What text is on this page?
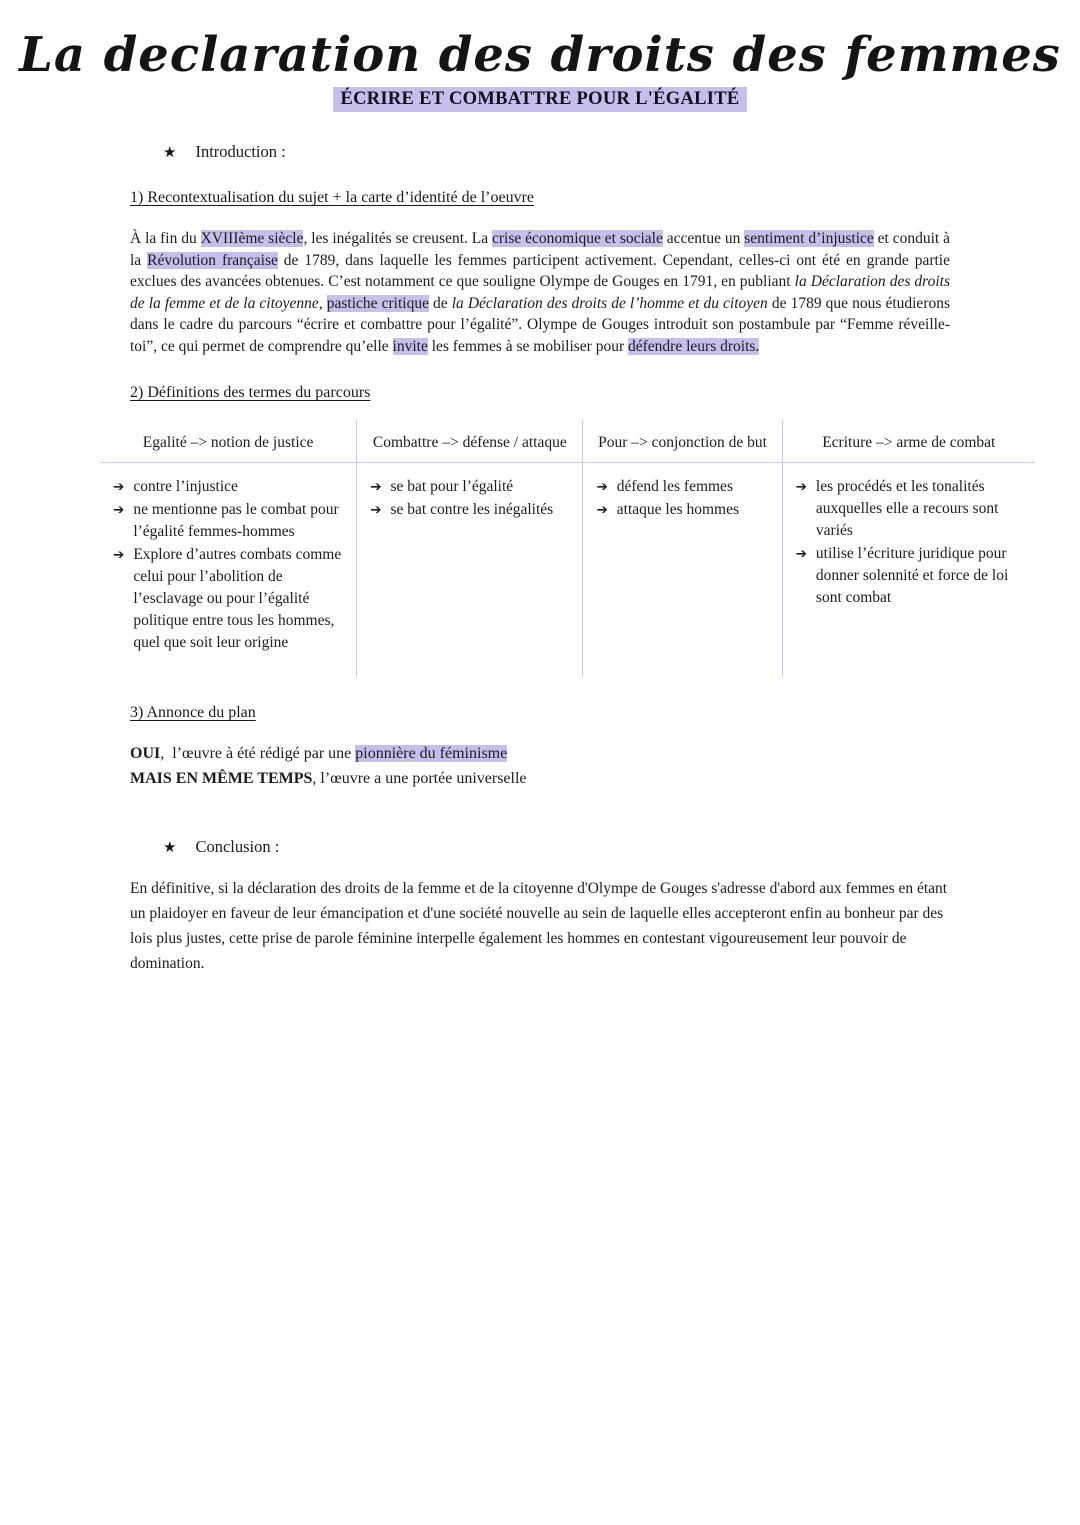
La declaration des droits des femmes
ÉCRIRE ET COMBATTRE POUR L'ÉGALITÉ
★ Introduction :
1) Recontextualisation du sujet + la carte d’identité de l’oeuvre

À la fin du XVIIIème siècle, les inégalités se creusent. La crise économique et sociale accentue un sentiment d’injustice et conduit à la Révolution française de 1789, dans laquelle les femmes participent activement. Cependant, celles-ci ont été en grande partie exclues des avancées obtenues. C’est notamment ce que souligne Olympe de Gouges en 1791, en publiant la Déclaration des droits de la femme et de la citoyenne, pastiche critique de la Déclaration des droits de l’homme et du citoyen de 1789 que nous étudierons dans le cadre du parcours “écrire et combattre pour l’égalité”. Olympe de Gouges introduit son postambule par “Femme réveille-toi”, ce qui permet de comprendre qu’elle invite les femmes à se mobiliser pour défendre leurs droits.

2) Définitions des termes du parcours
Egalité –> notion de justice
➔ contre l’injustice
➔ ne mentionne pas le combat pour l’égalité femmes-hommes
➔ Explore d’autres combats comme celui pour l’abolition de l’esclavage ou pour l’égalité politique entre tous les hommes, quel que soit leur origine
Combattre –> défense / attaque
➔ se bat pour l’égalité
➔ se bat contre les inégalités
Pour –> conjonction de but
➔ défend les femmes
➔ attaque les hommes
Ecriture –> arme de combat
➔ les procédés et les tonalités auxquelles elle a recours sont variés
➔ utilise l’écriture juridique pour donner solennité et force de loi sont combat
3) Annonce du plan

OUI,  l’œuvre à été rédigé par une pionnière du féminisme

MAIS EN MÊME TEMPS, l’œuvre a une portée universelle

★ Conclusion :

En définitive, si la déclaration des droits de la femme et de la citoyenne d'Olympe de Gouges s'adresse d'abord aux femmes en étant un plaidoyer en faveur de leur émancipation et d'une société nouvelle au sein de laquelle elles accepteront enfin au bonheur par des lois plus justes, cette prise de parole féminine interpelle également les hommes en contestant vigoureusement leur pouvoir de domination.
